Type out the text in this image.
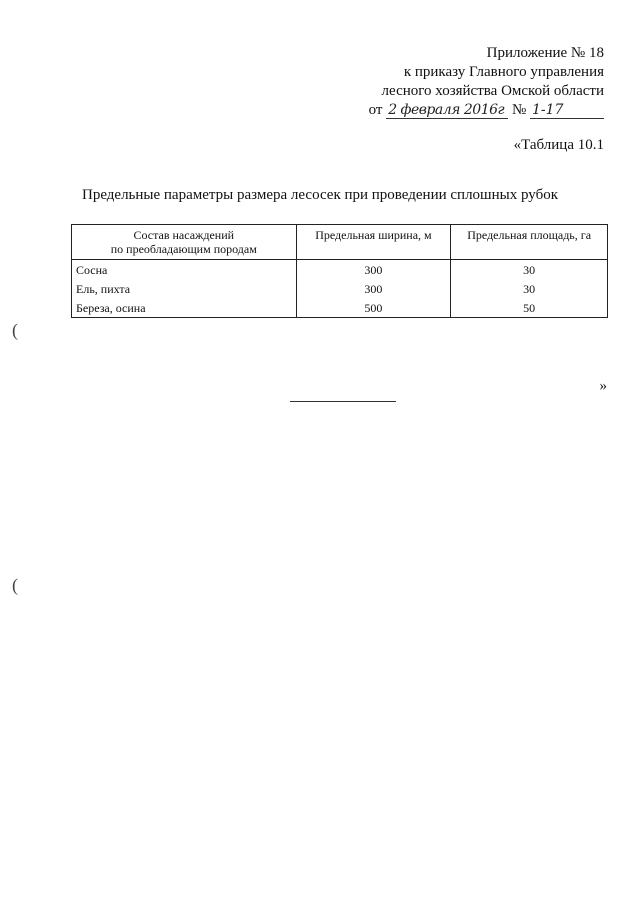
Приложение № 18
к приказу Главного управления
лесного хозяйства Омской области
от 2 февраля 2016г № 1-17
«Таблица 10.1
Предельные параметры размера лесосек при проведении сплошных рубок
Состав насаждений
по преобладающим породам	Предельная ширина, м	Предельная площадь, га
Сосна	300	30
Ель, пихта	300	30
Береза, осина	500	50
»
(
(
